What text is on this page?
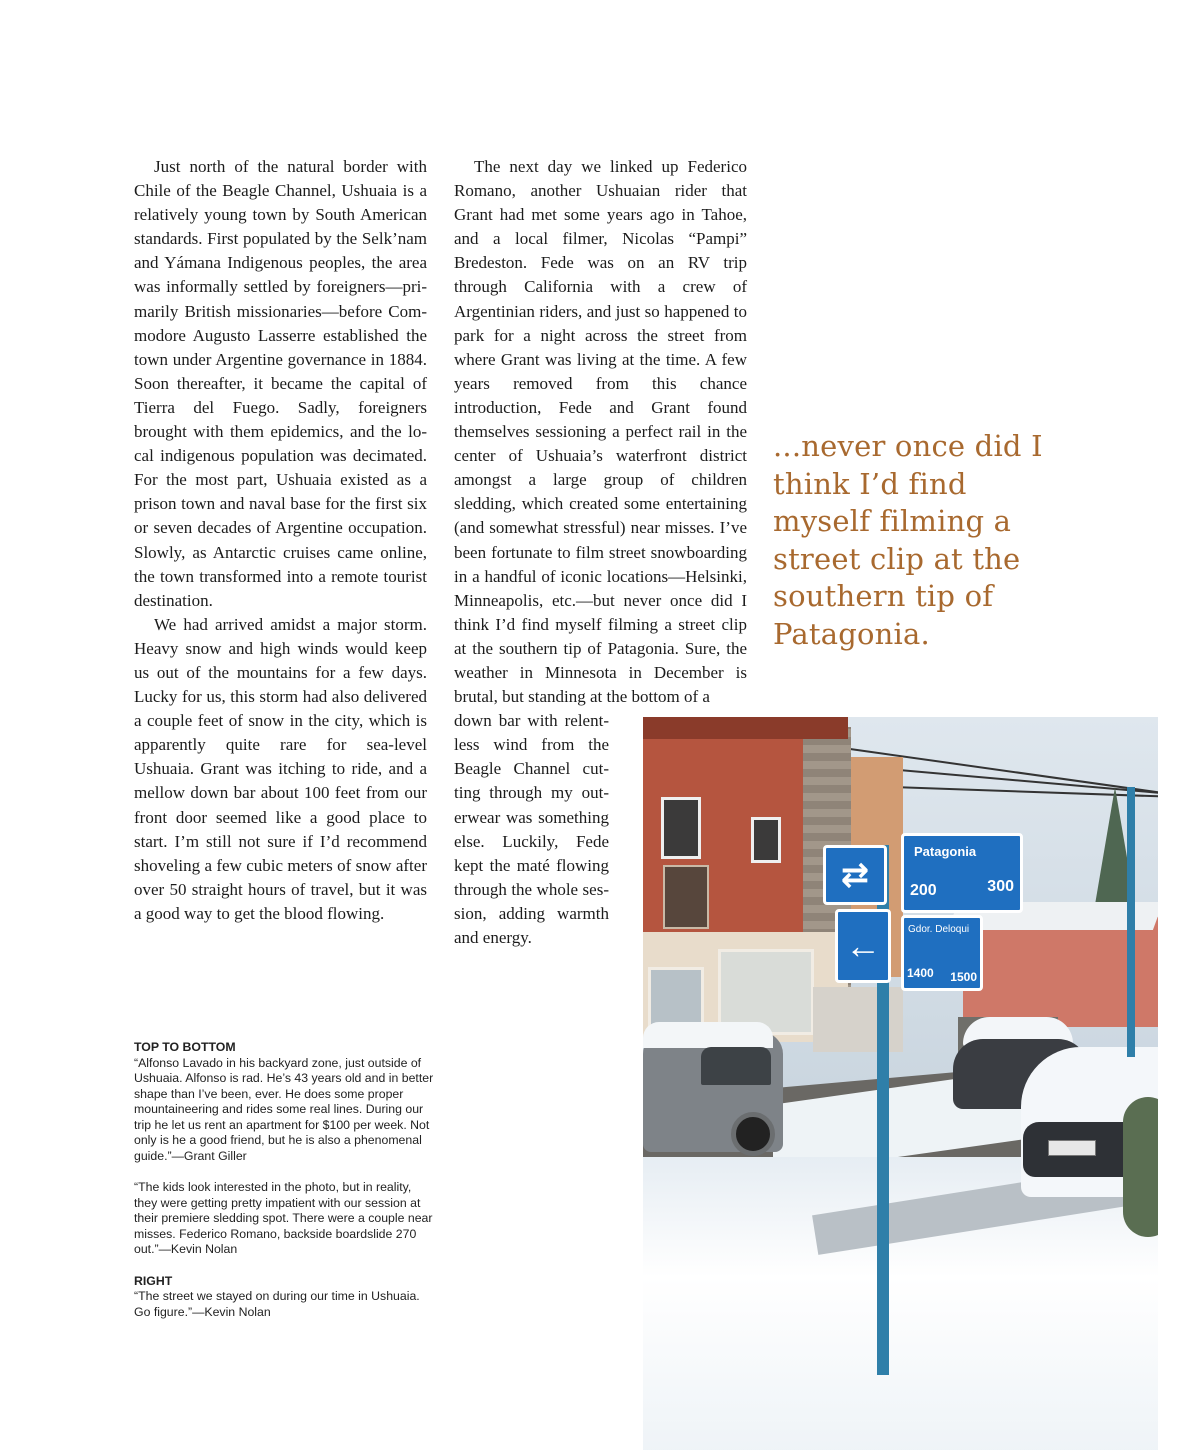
Just north of the natural border with Chile of the Beagle Channel, Ushuaia is a relatively young town by South American standards. First populated by the Selk’nam and Yámana Indigenous peoples, the area was informally settled by foreigners—primarily British missionaries—before Commodore Augusto Lasserre established the town under Argentine governance in 1884. Soon thereafter, it became the capital of Tierra del Fuego. Sadly, foreigners brought with them epidemics, and the local indigenous population was decimated. For the most part, Ushuaia existed as a prison town and naval base for the first six or seven decades of Argentine occupation. Slowly, as Antarctic cruises came online, the town transformed into a remote tourist destination.

We had arrived amidst a major storm. Heavy snow and high winds would keep us out of the mountains for a few days. Lucky for us, this storm had also delivered a couple feet of snow in the city, which is apparently quite rare for sea-level Ushuaia. Grant was itching to ride, and a mellow down bar about 100 feet from our front door seemed like a good place to start. I’m still not sure if I’d recommend shoveling a few cubic meters of snow after over 50 straight hours of travel, but it was a good way to get the blood flowing.

The next day we linked up Federico Romano, another Ushuaian rider that Grant had met some years ago in Tahoe, and a local filmer, Nicolas “Pampi” Bredeston. Fede was on an RV trip through California with a crew of Argentinian riders, and just so happened to park for a night across the street from where Grant was living at the time. A few years removed from this chance introduction, Fede and Grant found themselves sessioning a perfect rail in the center of Ushuaia’s waterfront district amongst a large group of children sledding, which created some entertaining (and somewhat stressful) near misses. I’ve been fortunate to film street snowboarding in a handful of iconic locations—Helsinki, Minneapolis, etc.—but never once did I think I’d find myself filming a street clip at the southern tip of Patagonia. Sure, the weather in Minnesota in December is brutal, but standing at the bottom of a

down bar with relentless wind from the Beagle Channel cutting through my outerwear was something else. Luckily, Fede kept the maté flowing through the whole session, adding warmth and energy.

...never once did I think I’d find myself filming a street clip at the southern tip of Patagonia.

TOP TO BOTTOM

“Alfonso Lavado in his backyard zone, just outside of Ushuaia. Alfonso is rad. He’s 43 years old and in better shape than I’ve been, ever. He does some proper mountaineering and rides some real lines. During our trip he let us rent an apartment for $100 per week. Not only is he a good friend, but he is also a phenomenal guide.”—Grant Giller

“The kids look interested in the photo, but in reality, they were getting pretty impatient with our session at their premiere sledding spot. There were a couple near misses. Federico Romano, backside boardslide 270 out.”—Kevin Nolan

RIGHT

“The street we stayed on during our time in Ushuaia. Go figure.”—Kevin Nolan

⇄
←
Patagonia
200	300
Gdor. Deloqui
1400 1500
